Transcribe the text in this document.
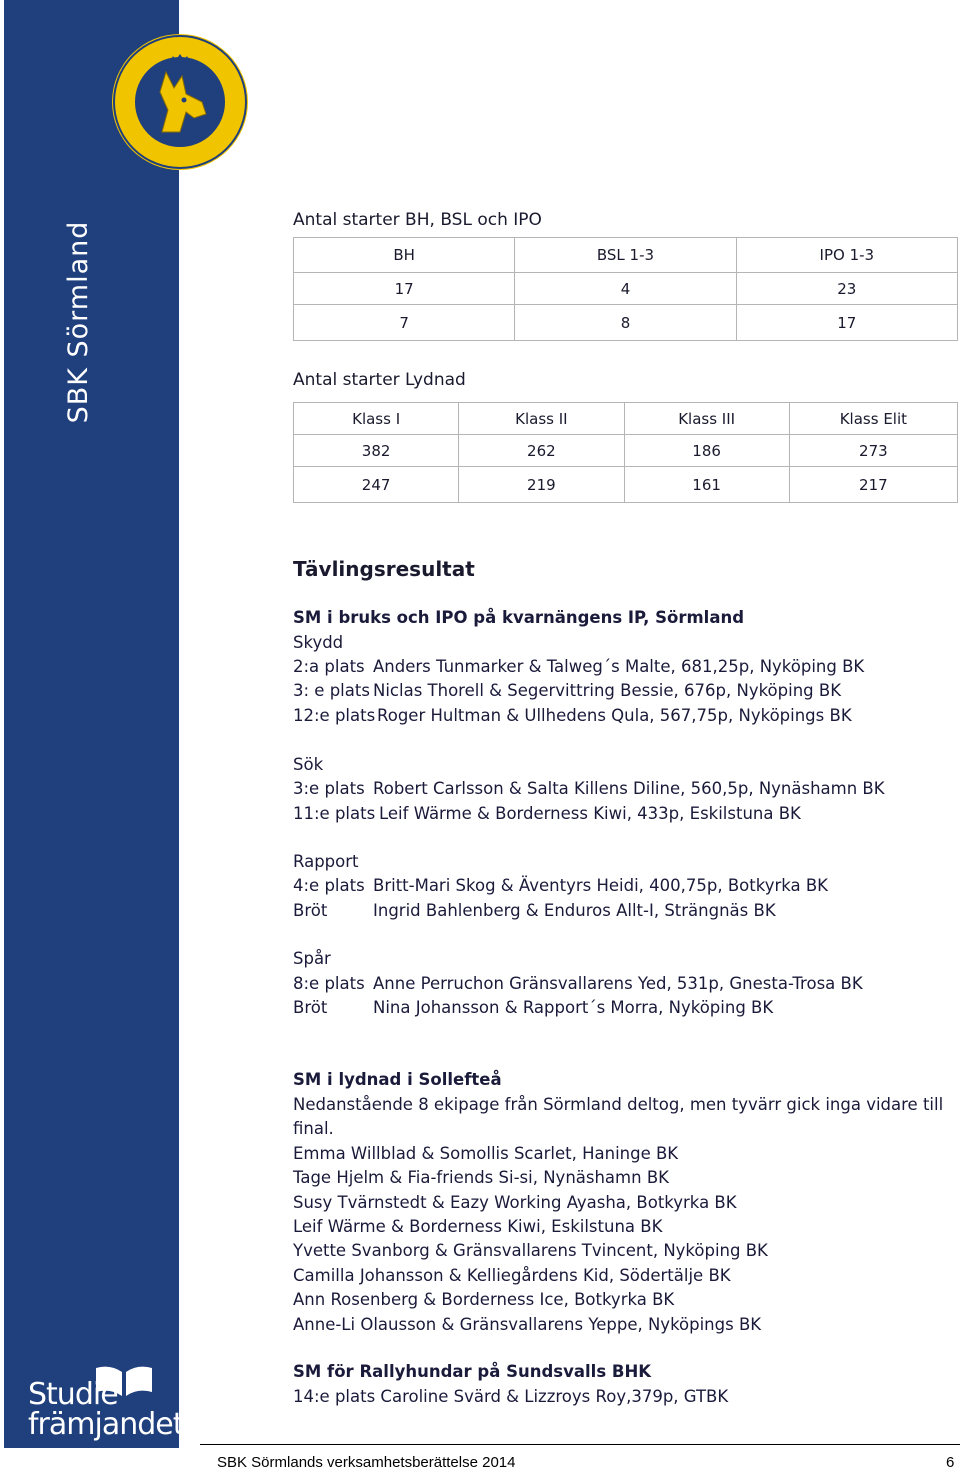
SBK Sörmland
Studie
främjandet
Antal starter BH, BSL och IPO
BH	BSL 1-3	IPO 1-3
17	4	23
7	8	17
Antal starter Lydnad
Klass I	Klass II	Klass III	Klass Elit
382	262	186	273
247	219	161	217
Tävlingsresultat
SM i bruks och IPO på kvarnängens IP, Sörmland
Skydd
2:a plats Anders Tunmarker & Talweg´s Malte, 681,25p, Nyköping BK
3: e plats Niclas Thorell & Segervittring Bessie, 676p, Nyköping BK
12:e plats Roger Hultman & Ullhedens Qula, 567,75p, Nyköpings BK
Sök
3:e plats Robert Carlsson & Salta Killens Diline, 560,5p, Nynäshamn BK
11:e plats Leif Wärme & Borderness Kiwi, 433p, Eskilstuna BK
Rapport
4:e plats Britt-Mari Skog & Äventyrs Heidi, 400,75p, Botkyrka BK
Bröt	Ingrid Bahlenberg & Enduros Allt-I, Strängnäs BK
Spår
8:e plats Anne Perruchon Gränsvallarens Yed, 531p, Gnesta-Trosa BK
Bröt	Nina Johansson & Rapport´s Morra, Nyköping BK
SM i lydnad i Sollefteå
Nedanstående 8 ekipage från Sörmland deltog, men tyvärr gick inga vidare till
final.
Emma Willblad & Somollis Scarlet, Haninge BK
Tage Hjelm & Fia-friends Si-si, Nynäshamn BK
Susy Tvärnstedt & Eazy Working Ayasha, Botkyrka BK
Leif Wärme & Borderness Kiwi, Eskilstuna BK
Yvette Svanborg & Gränsvallarens Tvincent, Nyköping BK
Camilla Johansson & Kelliegårdens Kid, Södertälje BK
Ann Rosenberg & Borderness Ice, Botkyrka BK
Anne-Li Olausson & Gränsvallarens Yeppe, Nyköpings BK
SM för Rallyhundar på Sundsvalls BHK
14:e plats Caroline Svärd & Lizzroys Roy,379p, GTBK
SBK Sörmlands verksamhetsberättelse 2014	6
